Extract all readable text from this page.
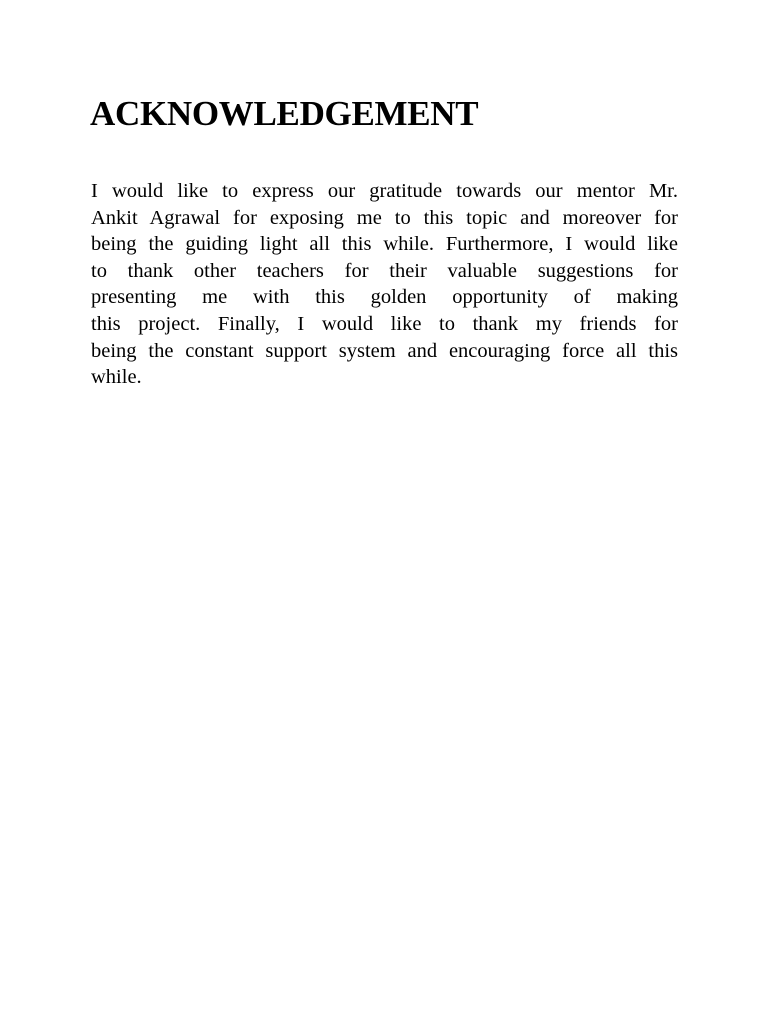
ACKNOWLEDGEMENT
I would like to express our gratitude towards our mentor Mr.
Ankit Agrawal for exposing me to this topic and moreover for
being the guiding light all this while. Furthermore, I would like
to thank other teachers for their valuable suggestions for
presenting me with this golden opportunity of making
this project. Finally, I would like to thank my friends for
being the constant support system and encouraging force all this
while.
